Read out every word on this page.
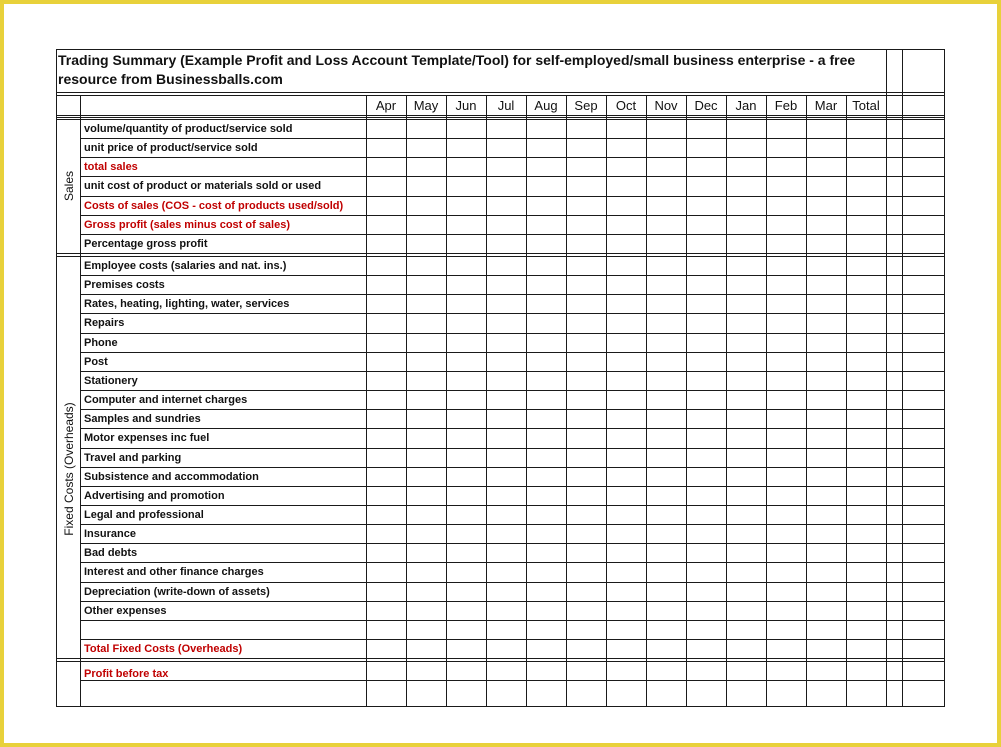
Trading Summary (Example Profit and Loss Account Template/Tool) for self-employed/small business enterprise - a free resource from Businessballs.com
Sales
Fixed Costs (Overheads)
Apr	May	Jun	Jul	Aug	Sep	Oct	Nov	Dec	Jan	Feb	Mar	Total
volume/quantity of product/service sold
unit price of product/service sold
total sales
unit cost of product or materials sold or used
Costs of sales (COS - cost of products used/sold)
Gross profit (sales minus cost of sales)
Percentage gross profit
Employee costs (salaries and nat. ins.)
Premises costs
Rates, heating, lighting, water, services
Repairs
Phone
Post
Stationery
Computer and internet charges
Samples and sundries
Motor expenses inc fuel
Travel and parking
Subsistence and accommodation
Advertising and promotion
Legal and professional
Insurance
Bad debts
Interest and other finance charges
Depreciation (write-down of assets)
Other expenses
Total Fixed Costs (Overheads)
Profit before tax
